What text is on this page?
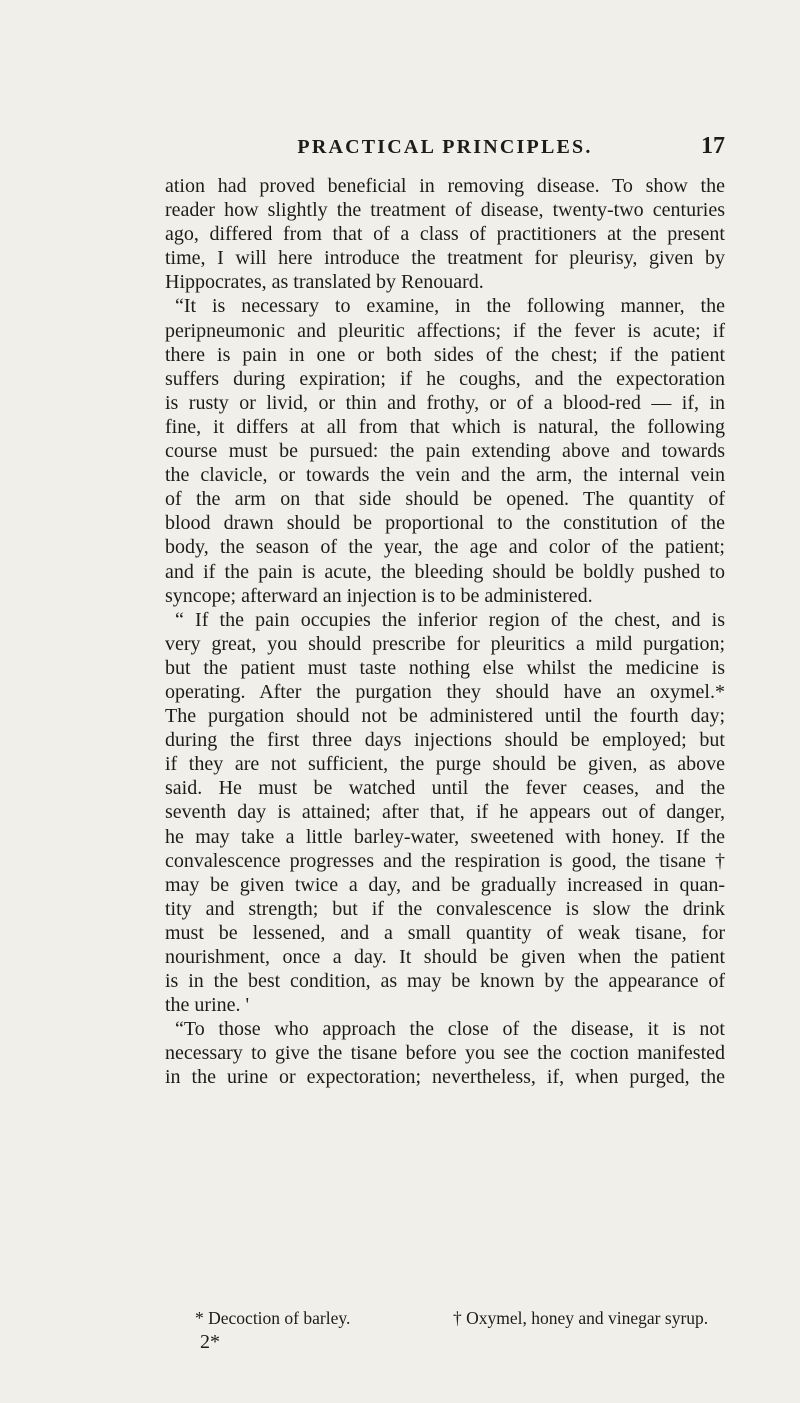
PRACTICAL PRINCIPLES.	17
ation had proved beneficial in removing disease. To show the
reader how slightly the treatment of disease, twenty-two centuries
ago, differed from that of a class of practitioners at the present
time, I will here introduce the treatment for pleurisy, given by
Hippocrates, as translated by Renouard.
“It is necessary to examine, in the following manner, the
peripneumonic and pleuritic affections; if the fever is acute; if
there is pain in one or both sides of the chest; if the patient
suffers during expiration; if he coughs, and the expectoration
is rusty or livid, or thin and frothy, or of a blood-red — if, in
fine, it differs at all from that which is natural, the following
course must be pursued: the pain extending above and towards
the clavicle, or towards the vein and the arm, the internal vein
of the arm on that side should be opened. The quantity of
blood drawn should be proportional to the constitution of the
body, the season of the year, the age and color of the patient;
and if the pain is acute, the bleeding should be boldly pushed to
syncope; afterward an injection is to be administered.
“ If the pain occupies the inferior region of the chest, and is
very great, you should prescribe for pleuritics a mild purgation;
but the patient must taste nothing else whilst the medicine is
operating. After the purgation they should have an oxymel.*
The purgation should not be administered until the fourth day;
during the first three days injections should be employed; but
if they are not sufficient, the purge should be given, as above
said. He must be watched until the fever ceases, and the
seventh day is attained; after that, if he appears out of danger,
he may take a little barley-water, sweetened with honey. If the
convalescence progresses and the respiration is good, the tisane †
may be given twice a day, and be gradually increased in quan-
tity and strength; but if the convalescence is slow the drink
must be lessened, and a small quantity of weak tisane, for
nourishment, once a day. It should be given when the patient
is in the best condition, as may be known by the appearance of
the urine. '
“To those who approach the close of the disease, it is not
necessary to give the tisane before you see the coction manifested
in the urine or expectoration; nevertheless, if, when purged, the
* Decoction of barley.	† Oxymel, honey and vinegar syrup.
2*
